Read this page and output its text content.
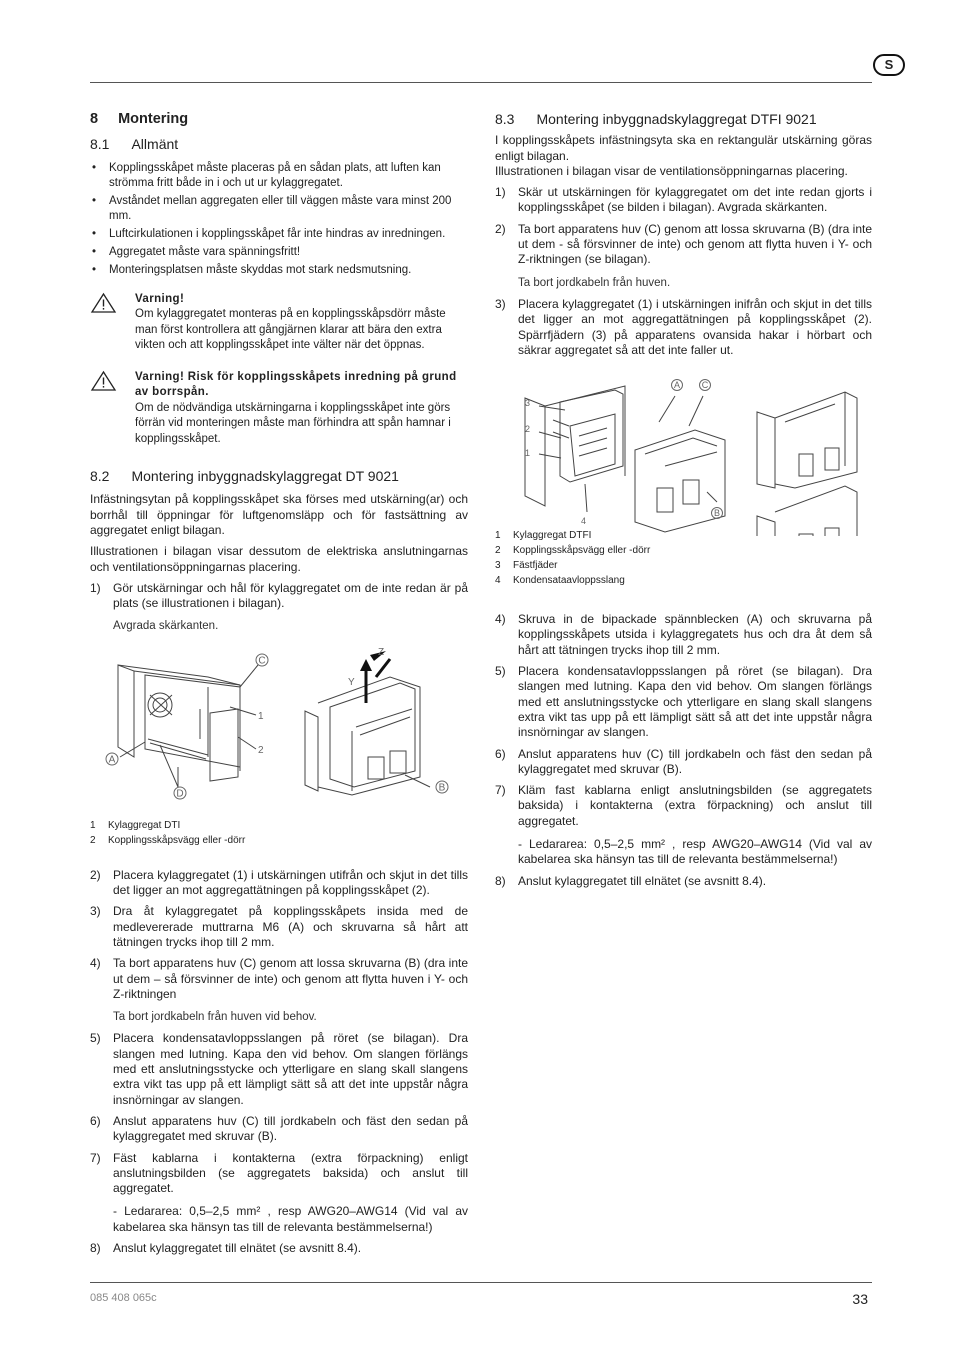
S
8 Montering
8.1 Allmänt
• Kopplingsskåpet måste placeras på en sådan plats, att luften kan strömma fritt både in i och ut ur kylaggregatet.
• Avståndet mellan aggregaten eller till väggen måste vara minst 200 mm.
• Luftcirkulationen i kopplingsskåpet får inte hindras av inredningen.
• Aggregatet måste vara spänningsfritt!
• Monteringsplatsen måste skyddas mot stark nedsmutsning.
Varning!
Om kylaggregatet monteras på en kopplingsskåpsdörr måste man först kontrollera att gångjärnen klarar att bära den extra vikten och att kopplingsskåpet inte välter när det öppnas.
Varning! Risk för kopplingsskåpets inredning på grund av borrspån.
Om de nödvändiga utskärningarna i kopplingsskåpet inte görs förrän vid monteringen måste man förhindra att spån hamnar i kopplingsskåpet.
8.2 Montering inbyggnadskylaggregat DT 9021

Infästningsytan på kopplingsskåpet ska förses med utskärning(ar) och borrhål till öppningar för luftgenomsläpp och för fastsättning av aggregatet enligt bilagan.

Illustrationen i bilagan visar dessutom de elektriska anslutningarnas och ventilationsöppningarnas placering.

1)	Gör utskärningar och hål för kylaggregatet om de inte redan är på plats (se illustrationen i bilagan).
Avgrada skärkanten.
C
1
2
A
D
B
Z
Y

1 Kylaggregat DTI

2 Kopplingsskåpsvägg eller -dörr

2)	Placera kylaggregatet (1) i utskärningen utifrån och skjut in det tills det ligger an mot aggregattätningen på kopplingsskåpet (2).
3)	Dra åt kylaggregatet på kopplingsskåpets insida med de medlevererade muttrarna M6 (A) och skruvarna så hårt att tätningen trycks ihop till 2 mm.
4)	Ta bort apparatens huv (C) genom att lossa skruvarna (B) (dra inte ut dem – så försvinner de inte) och genom att flytta huven i Y- och Z-riktningen
Ta bort jordkabeln från huven vid behov.
5)	Placera kondensatavloppsslangen på röret (se bilagan). Dra slangen med lutning. Kapa den vid behov. Om slangen förlängs med ett anslutningsstycke och ytterligare en slang skall slangens extra vikt tas upp på ett lämpligt sätt så att det inte uppstår några insnörningar av slangen.
6)	Anslut apparatens huv (C) till jordkabeln och fäst den sedan på kylaggregatet med skruvar (B).
7)	Fäst kablarna i kontakterna (extra förpackning) enligt anslutningsbilden (se aggregatets baksida) och anslut till aggregatet.
- Ledararea: 0,5–2,5 mm² , resp AWG20–AWG14 (Vid val av kabelarea ska hänsyn tas till de relevanta bestämmelserna!)
8)	Anslut kylaggregatet till elnätet (se avsnitt 8.4).
8.3 Montering inbyggnadskylaggregat DTFI 9021

I kopplingsskåpets infästningsyta ska en rektangulär utskärning göras enligt bilagan.

Illustrationen i bilagan visar de ventilationsöppningarnas placering.

1)	Skär ut utskärningen för kylaggregatet om det inte redan gjorts i kopplingsskåpet (se bilden i bilagan). Avgrada skärkanten.
2)	Ta bort apparatens huv (C) genom att lossa skruvarna (B) (dra inte ut dem - så försvinner de inte) och genom att flytta huven i Y- och Z-riktningen (se bilagan).
Ta bort jordkabeln från huven.
3)	Placera kylaggregatet (1) i utskärningen inifrån och skjut in det tills det ligger an mot aggregattätningen på kopplingsskåpet (2). Spärrfjädern (3) på apparatens ovansida hakar i hörbart och säkrar aggregatet så att det inte faller ut.
3
2
1
4
A C
B

1 Kylaggregat DTFI

2 Kopplingsskåpsvägg eller -dörr

3 Fästfjäder

4 Kondensataavloppsslang

4)	Skruva in de bipackade spännblecken (A) och skruvarna på kopplingsskåpets utsida i kylaggregatets hus och dra åt dem så hårt att tätningen trycks ihop till 2 mm.
5)	Placera kondensatavloppsslangen på röret (se bilagan). Dra slangen med lutning. Kapa den vid behov. Om slangen förlängs med ett anslutningsstycke och ytterligare en slang skall slangens extra vikt tas upp på ett lämpligt sätt så att det inte uppstår några insnörningar av slangen.
6)	Anslut apparatens huv (C) till jordkabeln och fäst den sedan på kylaggregatet med skruvar (B).
7)	Kläm fast kablarna enligt anslutningsbilden (se aggregatets baksida) i kontakterna (extra förpackning) och anslut till aggregatet.
- Ledararea: 0,5–2,5 mm² , resp AWG20–AWG14 (Vid val av kabelarea ska hänsyn tas till de relevanta bestämmelserna!)
8)	Anslut kylaggregatet till elnätet (se avsnitt 8.4).
085 408 065c	33
